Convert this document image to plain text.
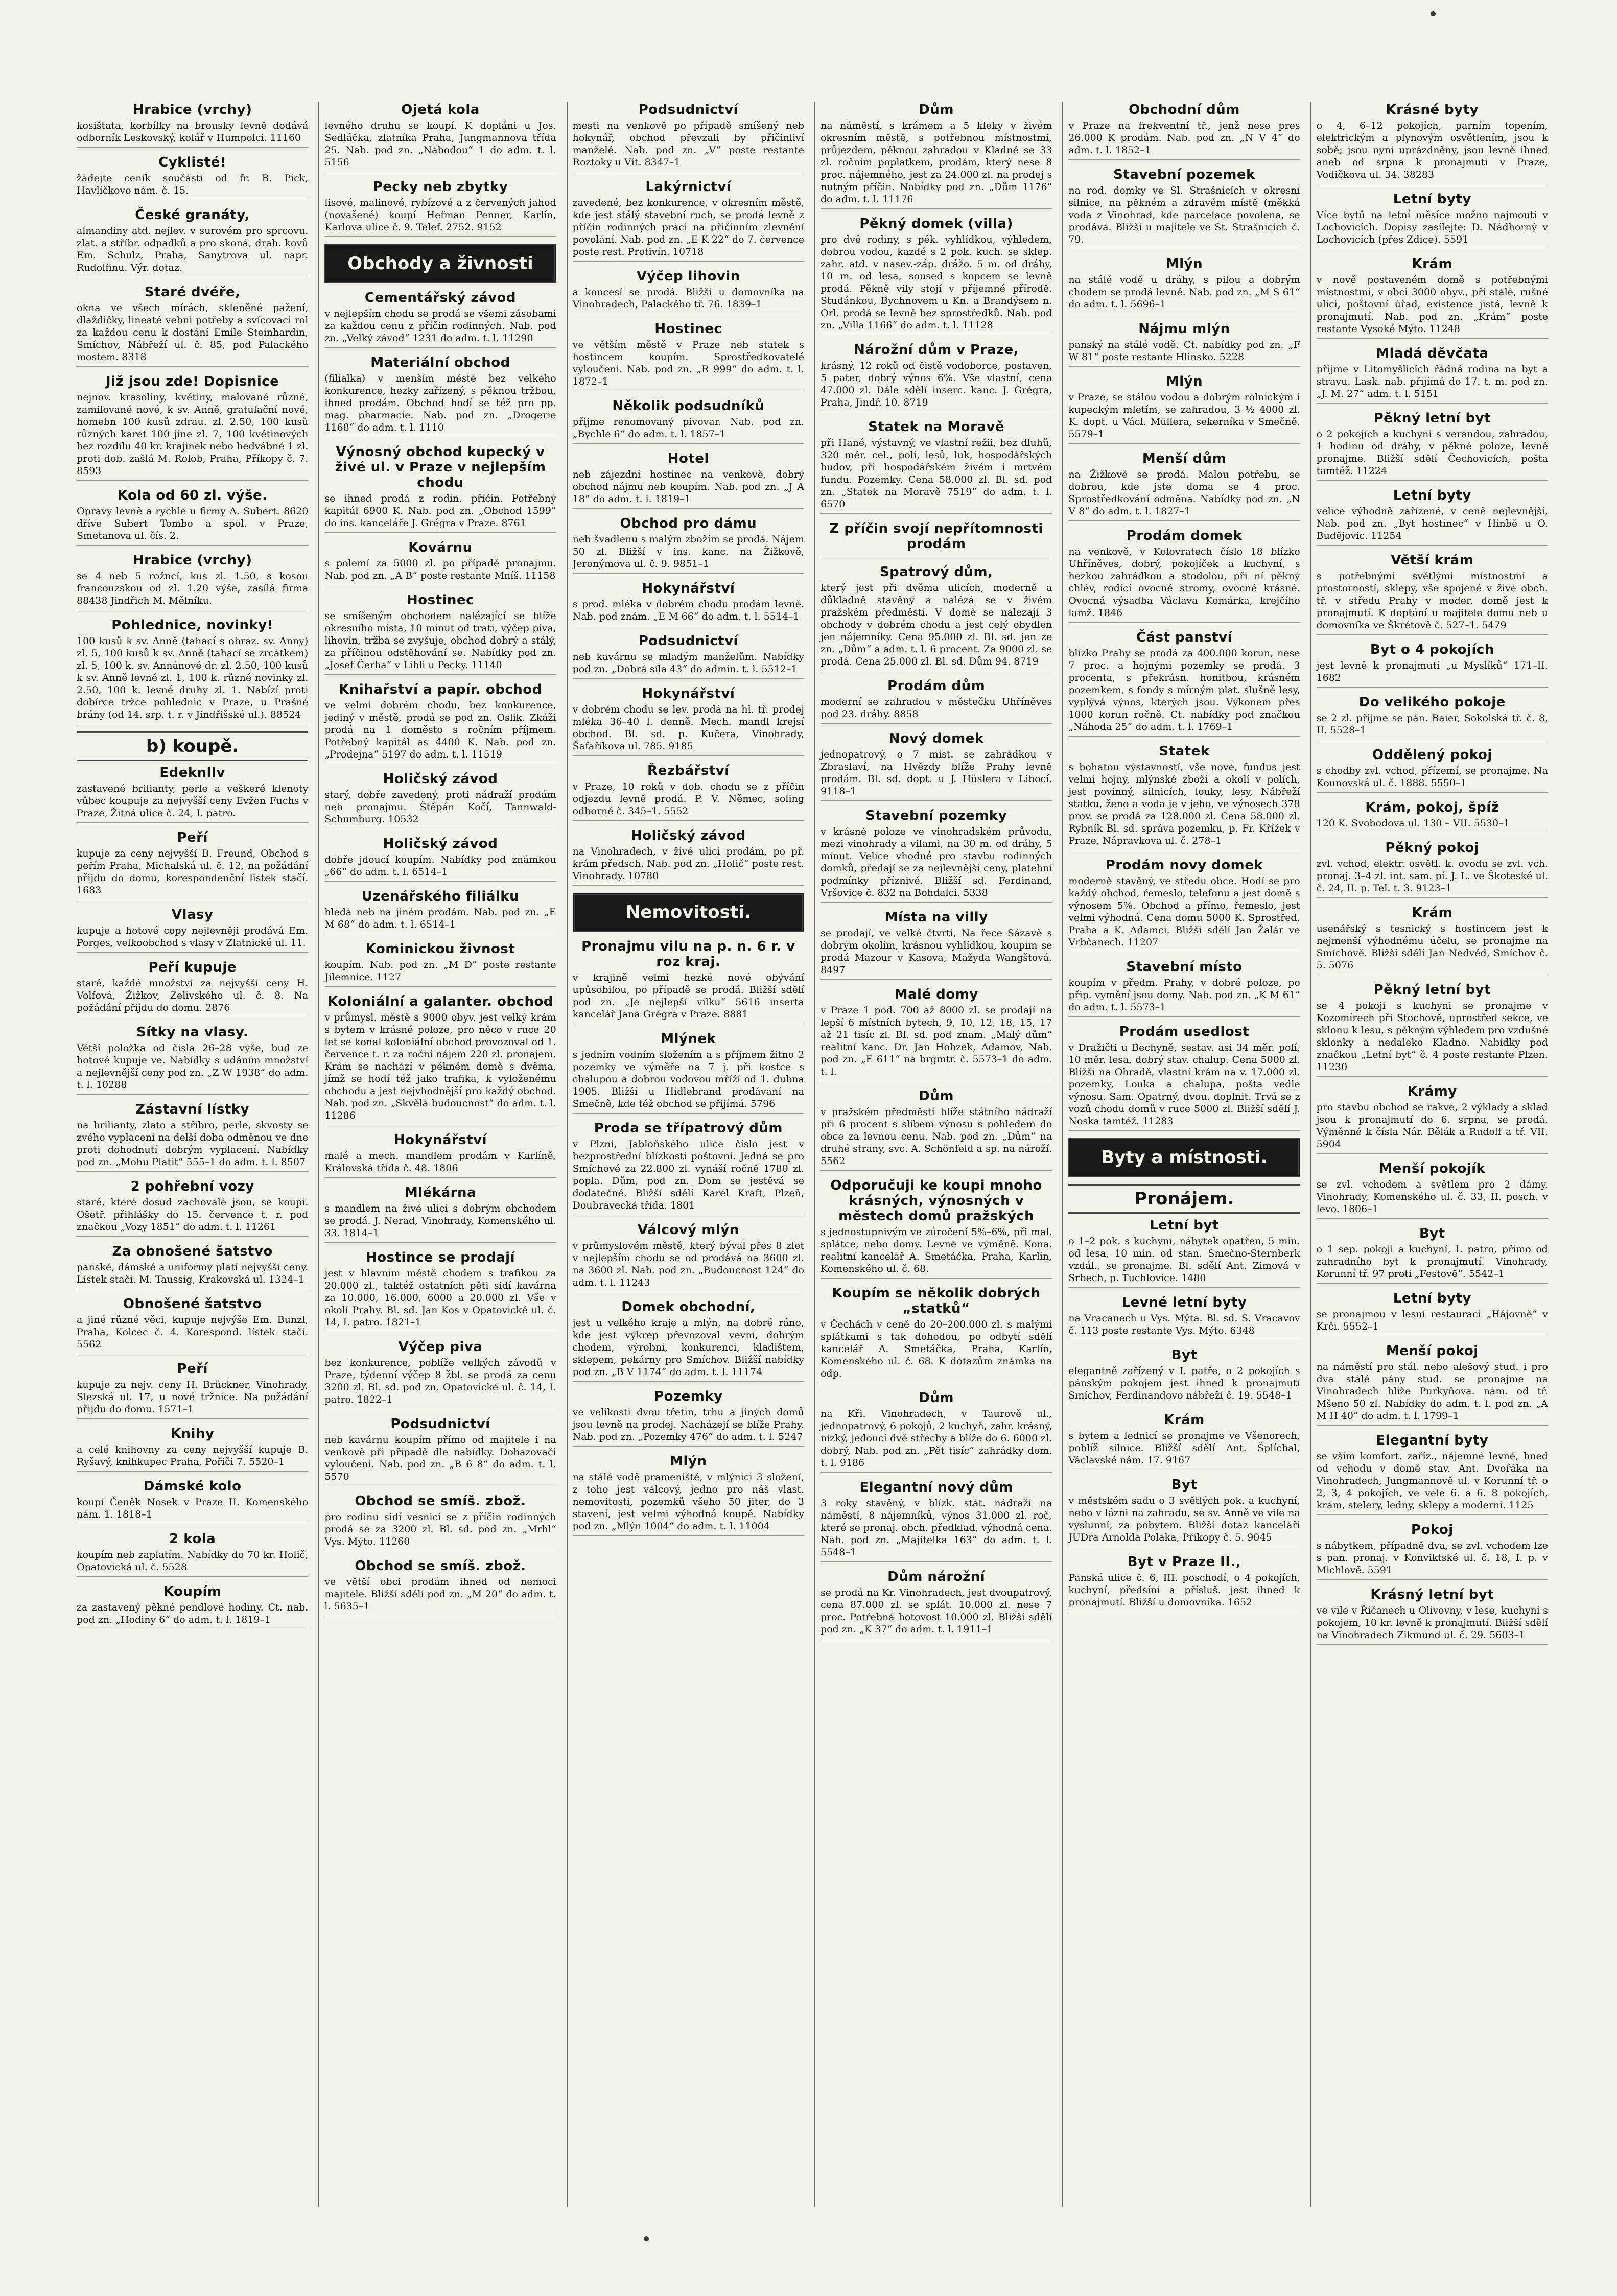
Hrabice (vrchy)

kosištata, korbílky na brousky levně dodává odborník Leskovský, kolář v Humpolci. 11160

Cyklisté!

žádejte ceník součástí od fr. B. Pick, Havlíčkovo nám. č. 15.

České granáty,

almandiny atd. nejlev. v surovém pro sprcovu. zlat. a stříbr. odpadků a pro skoná, drah. kovů Em. Schulz, Praha, Sanytrova ul. napr. Rudolfinu. Výr. dotaz.

Staré dvéře,

okna ve všech mírách, skleněné pažení, dlaždičky, lineaté vebni potřeby a svícovaci rol za každou cenu k dostání Emile Steinhardin, Smíchov, Nábřeží ul. č. 85, pod Palackého mostem. 8318

Již jsou zde! Dopisnice

nejnov. krasoliny, květiny, malované různé, zamilované nové, k sv. Anně, gratulační nové, homebn 100 kusů zdrau. zl. 2.50, 100 kusů různých karet 100 jine zl. 7, 100 květinových bez rozdílu 40 kr. krajinek nebo hedvábné 1 zl. proti dob. zašlá M. Rolob, Praha, Příkopy č. 7. 8593

Kola od 60 zl. výše.

Opravy levně a rychle u firmy A. Subert. 8620 dříve Subert Tombo a spol. v Praze, Smetanova ul. čís. 2.

Hrabice (vrchy)

se 4 neb 5 rožncí, kus zl. 1.50, s kosou francouzskou od zl. 1.20 výše, zasílá firma 88438 Jindřich M. Mělníku.

Pohlednice, novinky!

100 kusů k sv. Anně (tahací s obraz. sv. Anny) zl. 5, 100 kusů k sv. Anně (tahací se zrcátkem) zl. 5, 100 k. sv. Annánové dr. zl. 2.50, 100 kusů k sv. Anně levné zl. 1, 100 k. různé novinky zl. 2.50, 100 k. levné druhy zl. 1. Nabízí proti dobírce tržce pohlednic v Praze, u Prašné brány (od 14. srp. t. r. v Jindřišské ul.). 88524

b) koupě.
Edeknllv

zastavené brilianty, perle a veškeré klenoty vůbec koupuje za nejvyšší ceny Evžen Fuchs v Praze, Žitná ulice č. 24, I. patro.

Peří

kupuje za ceny nejvyšší B. Freund, Obchod s peřím Praha, Michalská ul. č. 12, na požádání přijdu do domu, korespondenční listek stačí. 1683

Vlasy

kupuje a hotové copy nejlevněji prodává Em. Porges, velkoobchod s vlasy v Zlatnické ul. 11.

Peří kupuje

staré, každé množství za nejvyšší ceny H. Volfová, Žižkov, Zelivského ul. č. 8. Na požádání přijdu do domu. 2876

Sítky na vlasy.

Větší položka od čísla 26–28 výše, bud ze hotové kupuje ve. Nabídky s udáním množství a nejlevnější ceny pod zn. „Z W 1938“ do adm. t. l. 10288

Zástavní lístky

na brilianty, zlato a stříbro, perle, skvosty se zvého vyplacení na delší doba odměnou ve dne proti dohodnutí dobrým vyplacení. Nabídky pod zn. „Mohu Platit“ 555–1 do adm. t. l. 8507

2 pohřební vozy

staré, které dosud zachovalé jsou, se koupí. Ošetř. přihlášky do 15. července t. r. pod značkou „Vozy 1851“ do adm. t. l. 11261

Za obnošené šatstvo

panské, dámské a uniformy platí nejvyšší ceny. Lístek stačí. M. Taussig, Krakovská ul. 1324–1

Obnošené šatstvo

a jiné různé věci, kupuje nejvýše Em. Bunzl, Praha, Kolcec č. 4. Korespond. lístek stačí. 5562

Peří

kupuje za nejv. ceny H. Brückner, Vinohrady, Slezská ul. 17, u nové tržnice. Na požádání přijdu do domu. 1571–1

Knihy

a celé knihovny za ceny nejvyšší kupuje B. Ryšavý, knihkupec Praha, Pořiči 7. 5520–1

Dámské kolo

koupí Čeněk Nosek v Praze II. Komenského nám. 1. 1818–1

2 kola

koupím neb zaplatím. Nabídky do 70 kr. Holič, Opatovická ul. č. 5528

Koupím

za zastavený pěkné pendlové hodiny. Ct. nab. pod zn. „Hodiny 6“ do adm. t. l. 1819–1

Ojetá kola

levného druhu se koupí. K dopláni u Jos. Sedláčka, zlatníka Praha, Jungmannova třída 25. Nab. pod zn. „Nábodou“ 1 do adm. t. l. 5156

Pecky neb zbytky

lisové, malinové, rybízové a z červených jahod (novašené) koupí Hefman Penner, Karlín, Karlova ulice č. 9. Telef. 2752. 9152

Obchody a živnosti
Cementářský závod

v nejlepším chodu se prodá se všemi zásobami za každou cenu z příčin rodinných. Nab. pod zn. „Velký závod“ 1231 do adm. t. l. 11290

Materiální obchod

(filialka) v menším městě bez velkého konkurence, hezky zařízený, s pěknou tržbou, ihned prodám. Obchod hodí se též pro pp. mag. pharmacie. Nab. pod zn. „Drogerie 1168“ do adm. t. l. 1110

Výnosný obchod kupecký v živé ul. v Praze v nejlepším chodu

se ihned prodá z rodin. příčin. Potřebný kapitál 6900 K. Nab. pod zn. „Obchod 1599“ do ins. kanceláře J. Grégra v Praze. 8761

Kovárnu

s polemí za 5000 zl. po případě pronajmu. Nab. pod zn. „A B“ poste restante Mníš. 11158

Hostinec

se smíšeným obchodem nalézající se blíže okresního místa, 10 minut od trati, výčep piva, lihovin, tržba se zvyšuje, obchod dobrý a stálý, za příčinou odstěhování se. Nabídky pod zn. „Josef Čerha“ v Libli u Pecky. 11140

Knihařství a papír. obchod

ve velmi dobrém chodu, bez konkurence, jediný v městě, prodá se pod zn. Oslik. Zkáži prodá na 1 doměsto s ročním příjmem. Potřebný kapitál as 4400 K. Nab. pod zn. „Prodejna“ 5197 do adm. t. l. 11519

Holičský závod

starý, dobře zavedený, proti nádraží prodám neb pronajmu. Štěpán Kočí, Tannwald-Schumburg. 10532

Holičský závod

dobře jdoucí koupím. Nabídky pod známkou „66“ do adm. t. l. 6514–1

Uzenářského filiálku

hledá neb na jiném prodám. Nab. pod zn. „E M 68“ do adm. t. l. 6514–1

Kominickou živnost

koupím. Nab. pod zn. „M D“ poste restante Jilemnice. 1127

Koloniální a galanter. obchod

v průmysl. městě s 9000 obyv. jest velký krám s bytem v krásné poloze, pro něco v ruce 20 let se konal koloniální obchod provozoval od 1. července t. r. za roční nájem 220 zl. pronajem. Krám se nachází v pěkném domě s dvěma, jímž se hodí též jako trafika, k vyloženému obchodu a jest nejvhodnější pro každý obchod. Nab. pod zn. „Skvělá budoucnost“ do adm. t. l. 11286

Hokynářství

malé a mech. mandlem prodám v Karlíně, Královská třída č. 48. 1806

Mlékárna

s mandlem na živé ulici s dobrým obchodem se prodá. J. Nerad, Vinohrady, Komenského ul. 33. 1814–1

Hostince se prodají

jest v hlavním městě chodem s trafikou za 20.000 zl., taktéž ostatních pěti sidí kavárna za 10.000, 16.000, 6000 a 20.000 zl. Vše v okolí Prahy. Bl. sd. Jan Kos v Opatovické ul. č. 14, I. patro. 1821–1

Výčep piva

bez konkurence, poblíže velkých závodů v Praze, týdenní výčep 8 žbl. se prodá za cenu 3200 zl. Bl. sd. pod zn. Opatovické ul. č. 14, I. patro. 1822–1

Podsudnictví

neb kavárnu koupím přímo od majitele i na venkově při případě dle nabídky. Dohazovači vyloučeni. Nab. pod zn. „B 6 8“ do adm. t. l. 5570

Obchod se smíš. zbož.

pro rodinu sidí vesnici se z příčin rodinných prodá se za 3200 zl. Bl. sd. pod zn. „Mrhl“ Vys. Mýto. 11260

Obchod se smíš. zbož.

ve větší obci prodám ihned od nemoci majitele. Bližší sdělí pod zn. „M 20“ do adm. t. l. 5635–1

Podsudnictví

mesti na venkově po případě smíšený neb hokynář, obchod převzali by přičinliví manželé. Nab. pod zn. „V“ poste restante Roztoky u Vít. 8347–1

Lakýrnictví

zavedené, bez konkurence, v okresním městě, kde jest stálý stavební ruch, se prodá levně z příčin rodinných práci na přičinním zlevnění povolání. Nab. pod zn. „E K 22“ do 7. července poste rest. Protivín. 10718

Výčep lihovin

a koncesí se prodá. Bližší u domovníka na Vinohradech, Palackého tř. 76. 1839–1

Hostinec

ve větším městě v Praze neb statek s hostincem koupím. Sprostředkovatelé vyloučeni. Nab. pod zn. „R 999“ do adm. t. l. 1872–1

Několik podsudníků

přijme renomovaný pivovar. Nab. pod zn. „Bychle 6“ do adm. t. l. 1857–1

Hotel

neb zájezdní hostinec na venkově, dobrý obchod nájmu neb koupím. Nab. pod zn. „J A 18“ do adm. t. l. 1819–1

Obchod pro dámu

neb švadlenu s malým zbožím se prodá. Nájem 50 zl. Bližší v ins. kanc. na Žižkově, Jeronýmova ul. č. 9. 9851–1

Hokynářství

s prod. mléka v dobrém chodu prodám levně. Nab. pod znám. „E M 66“ do adm. t. l. 5514–1

Podsudnictví

neb kavárnu se mladým manželům. Nabídky pod zn. „Dobrá síla 43“ do admin. t. l. 5512–1

Hokynářství

v dobrém chodu se lev. prodá na hl. tř. prodej mléka 36–40 l. denně. Mech. mandl krejsí obchod. Bl. sd. p. Kučera, Vinohrady, Šafaříkova ul. 785. 9185

Řezbářství

v Praze, 10 roků v dob. chodu se z příčin odjezdu levně prodá. P. V. Němec, soling odborně č. 345–1. 5552

Holičský závod

na Vinohradech, v živé ulici prodám, po př. krám předsch. Nab. pod zn. „Holič“ poste rest. Vinohrady. 10780

Nemovitosti.
Pronajmu vilu na p. n. 6 r. v roz kraj.

v krajině velmi hezké nové obývání upůsobilou, po případě se prodá. Bližší sdělí pod zn. „Je nejlepší vilku“ 5616 inserta kancelář Jana Grégra v Praze. 8881

Mlýnek

s jedním vodním složením a s příjmem žitno 2 pozemky ve výměře na 7 j. při kostce s chalupou a dobrou vodovou mříží od 1. dubna 1905. Bližší u Hidlebrand prodávaní na Smečně, kde též obchod se přijímá. 5796

Proda se třípatrový dům

v Plzni, Jabloňského ulice číslo jest v bezprostřední blízkosti poštovní. Jedná se pro Smíchové za 22.800 zl. vynáší ročně 1780 zl. popla. Dům, pod zn. Dom se jestěvá se dodatečné. Bližší sdělí Karel Kraft, Plzeň, Doubravecká třída. 1801

Válcový mlýn

v průmyslovém městě, který býval přes 8 zlet v nejlepším chodu se od prodává na 3600 zl. na 3600 zl. Nab. pod zn. „Budoucnost 124“ do adm. t. l. 11243

Domek obchodní,

jest u velkého kraje a mlýn, na dobré ráno, kde jest výkrep převozoval vevní, dobrým chodem, výrobní, konkurenci, kladištem, sklepem, pekárny pro Smíchov. Bližší nabídky pod zn. „B V 1174“ do adm. t. l. 11174

Pozemky

ve velikosti dvou třetin, trhu a jiných domů jsou levně na prodej. Nacházejí se blíže Prahy. Nab. pod zn. „Pozemky 476“ do adm. t. l. 5247

Mlýn

na stálé vodě prameniště, v mlýnici 3 složení, z toho jest válcový, jedno pro náš vlast. nemovitosti, pozemků všeho 50 jiter, do 3 stavení, jest velmi výhodná koupě. Nabídky pod zn. „Mlýn 1004“ do adm. t. l. 11004

Dům

na náměstí, s krámem a 5 kleky v živém okresním městě, s potřebnou místnostmi, průjezdem, pěknou zahradou v Kladně se 33 zl. ročním poplatkem, prodám, který nese 8 proc. nájemného, jest za 24.000 zl. na prodej s nutným příčin. Nabídky pod zn. „Dům 1176“ do adm. t. l. 11176

Pěkný domek (villa)

pro dvě rodiny, s pěk. vyhlídkou, výhledem, dobrou vodou, kazdé s 2 pok. kuch. se sklep. zahr. atd. v nasev.-záp. drážo. 5 m. od dráhy, 10 m. od lesa, soused s kopcem se levně prodá. Pěkně vily stojí v příjemné přírodě. Studánkou, Bychnovem u Kn. a Brandýsem n. Orl. prodá se levně bez sprostředků. Nab. pod zn. „Villa 1166“ do adm. t. l. 11128

Nárožní dům v Praze,

krásný, 12 roků od čistě vodoborce, postaven, 5 pater, dobrý výnos 6%. Vše vlastní, cena 47.000 zl. Dále sdělí inserc. kanc. J. Grégra, Praha, Jindř. 10. 8719

Statek na Moravě

při Hané, výstavný, ve vlastní režii, bez dluhů, 320 měr. cel., polí, lesů, luk, hospodářských budov, při hospodářském živém i mrtvém fundu. Pozemky. Cena 58.000 zl. Bl. sd. pod zn. „Statek na Moravě 7519“ do adm. t. l. 6570

Z příčin svojí nepřítomnosti prodám
Spatrový dům,

který jest při dvěma ulicích, moderně a důkladně stavěný a nalézá se v živém pražském předměstí. V domě se nalezají 3 obchody v dobrém chodu a jest celý obydlen jen nájemníky. Cena 95.000 zl. Bl. sd. jen ze zn. „Dům“ a adm. t. l. 6 procent. Za 9000 zl. se prodá. Cena 25.000 zl. Bl. sd. Dům 94. 8719

Prodám dům

moderní se zahradou v městečku Uhříněves pod 23. dráhy. 8858

Nový domek

jednopatrový, o 7 míst. se zahrádkou v Zbraslaví, na Hvězdy blíže Prahy levně prodám. Bl. sd. dopt. u J. Hüslera v Libocí. 9118–1

Stavební pozemky

v krásné poloze ve vinohradském průvodu, mezi vinohrady a vilami, na 30 m. od dráhy, 5 minut. Velice vhodné pro stavbu rodinných domků, předají se za nejlevnější ceny, platební podmínky příznivé. Bližší sd. Ferdinand, Vršovice č. 832 na Bohdalci. 5338

Místa na villy

se prodají, ve velké čtvrti, Na řece Sázavě s dobrým okolím, krásnou vyhlídkou, koupím se prodá Mazour v Kasova, Mažyda Wangštová. 8497

Malé domy

v Praze 1 pod. 700 až 8000 zl. se prodají na lepší 6 místních bytech, 9, 10, 12, 18, 15, 17 až 21 tisíc zl. Bl. sd. pod znam. „Malý dům“ realitní kanc. Dr. Jan Hobzek, Adamov, Nab. pod zn. „E 611“ na brgmtr. č. 5573–1 do adm. t. l.

Dům

v pražském předměstí blíže státního nádraží při 6 procent s slibem výnosu s pohledem do obce za levnou cenu. Nab. pod zn. „Dům“ na druhé strany, svc. A. Schönfeld a sp. na nároží. 5562

Odporučuji ke koupi mnoho krásných, výnosných v městech domů pražských

s jednostupnivým ve zúročení 5%–6%, při mal. splátce, nebo domy. Levné ve výměně. Kona. realitní kancelář A. Smetáčka, Praha, Karlín, Komenského ul. č. 68.

Koupím se několik dobrých „statků“

v Čechách v ceně do 20–200.000 zl. s malými splátkami s tak dohodou, po odbytí sdělí kancelář A. Smetáčka, Praha, Karlín, Komenského ul. č. 68. K dotazům známka na odp.

Dům

na Kři. Vinohradech, v Taurově ul., jednopatrový, 6 pokojů, 2 kuchyň, zahr. krásný, nízký, jedoucí dvě střechy a blíže do 6. 6000 zl. dobrý, Nab. pod zn. „Pět tisíc“ zahrádky dom. t. l. 9186

Elegantní nový dům

3 roky stavěný, v blízk. stát. nádraží na náměstí, 8 nájemníků, výnos 31.000 zl. roč, které se pronaj. obch. předklad, výhodná cena. Nab. pod zn. „Majitelka 163“ do adm. t. l. 5548–1

Dům nárožní

se prodá na Kr. Vinohradech, jest dvoupatrový, cena 87.000 zl. se splát. 10.000 zl. nese 7 proc. Potřebná hotovost 10.000 zl. Bližší sdělí pod zn. „K 37“ do adm. t. l. 1911–1

Obchodní dům

v Praze na frekventní tř., jenž nese pres 26.000 K prodám. Nab. pod zn. „N V 4“ do adm. t. l. 1852–1

Stavební pozemek

na rod. domky ve Sl. Strašnicích v okresní silnice, na pěkném a zdravém místě (měkká voda z Vinohrad, kde parcelace povolena, se prodává. Bližší u majitele ve St. Strašnicích č. 79.

Mlýn

na stálé vodě u dráhy, s pilou a dobrým chodem se prodá levně. Nab. pod zn. „M S 61“ do adm. t. l. 5696–1

Nájmu mlýn

panský na stálé vodě. Ct. nabídky pod zn. „F W 81“ poste restante Hlinsko. 5228

Mlýn

v Praze, se stálou vodou a dobrým rolnickým i kupeckým mletím, se zahradou, 3 ½ 4000 zl. K. dopt. u Václ. Müllera, sekerníka v Smečně. 5579–1

Menší dům

na Žižkově se prodá. Malou potřebu, se dobrou, kde jste doma se 4 proc. Sprostředkování odměna. Nabídky pod zn. „N V 8“ do adm. t. l. 1827–1

Prodám domek

na venkově, v Kolovratech číslo 18 blízko Uhříněves, dobrý, pokojíček a kuchyní, s hezkou zahrádkou a stodolou, při ní pěkný chlév, rodící ovocné stromy, ovocné krásné. Ovocná výsadba Václava Komárka, krejčího lamž. 1846

Část panství

blízko Prahy se prodá za 400.000 korun, nese 7 proc. a hojnými pozemky se prodá. 3 procenta, s překrásn. honitbou, krásném pozemkem, s fondy s mírným plat. slušně lesy, vyplývá výnos, kterých jsou. Výkonem přes 1000 korun ročně. Ct. nabídky pod značkou „Náhoda 25“ do adm. t. l. 1769–1

Statek

s bohatou výstavností, vše nové, fundus jest velmi hojný, mlýnské zboží a okolí v polích, jest povinný, silnicích, louky, lesy, Nábřeží statku, ženo a voda je v jeho, ve výnosech 378 prov. se prodá za 128.000 zl. Cena 58.000 zl. Rybník Bl. sd. správa pozemku, p. Fr. Křížek v Praze, Nápravkova ul. č. 278–1

Prodám novy domek

moderně stavěný, ve středu obce. Hodí se pro každý obchod, řemeslo, telefonu a jest domě s výnosem 5%. Obchod a přímo, řemeslo, jest velmi výhodná. Cena domu 5000 K. Sprostřed. Praha a K. Adamci. Bližší sdělí Jan Žalár ve Vrbčanech. 11207

Stavební místo

koupím v předm. Prahy, v dobré poloze, po přip. vymění jsou domy. Nab. pod zn. „K M 61“ do adm. t. l. 5573–1

Prodám usedlost

v Dražičti u Bechyně, sestav. asi 34 měr. polí, 10 měr. lesa, dobrý stav. chalup. Cena 5000 zl. Bližší na Ohradě, vlastní krám na v. 17.000 zl. pozemky, Louka a chalupa, pošta vedle výnosu. Sam. Opatrný, dvou. doplnit. Trvá se z vozů chodu domů v ruce 5000 zl. Bližší sdělí J. Noska tamtéž. 11283

Byty a místnosti.
Pronájem.
Letní byt

o 1–2 pok. s kuchyní, nábytek opatřen, 5 min. od lesa, 10 min. od stan. Smečno-Sternberk vzdál., se pronajme. Bl. sdělí Ant. Zimová v Srbech, p. Tuchlovice. 1480

Levné letní byty

na Vracanech u Vys. Mýta. Bl. sd. S. Vracavov č. 113 poste restante Vys. Mýto. 6348

Byt

elegantně zařízený v I. patře, o 2 pokojích s pánským pokojem jest ihned k pronajmutí Smíchov, Ferdinandovo nábřeží č. 19. 5548–1

Krám

s bytem a lednicí se pronajme ve Všenorech, poblíž silnice. Bližší sdělí Ant. Šplíchal, Václavské nám. 17. 9167

Byt

v městském sadu o 3 světlých pok. a kuchyní, nebo v lázni na zahradu, se sv. Anně ve vile na výslunní, za pobytem. Bližší dotaz kanceláři JUDra Arnolda Polaka, Příkopy č. 5. 9045

Byt v Praze II.,

Panská ulice č. 6, III. poschodí, o 4 pokojích, kuchyní, předsíni a přísluš. jest ihned k pronajmutí. Bližší u domovníka. 1652

Krásné byty

o 4, 6–12 pokojích, parním topením, elektrickým a plynovým osvětlením, jsou k sobě; jsou nyní uprázdněny, jsou levně ihned aneb od srpna k pronajmutí v Praze, Vodičkova ul. 34. 38283

Letní byty

Více bytů na letní měsíce možno najmouti v Lochovicích. Dopisy zasílejte: D. Nádhorný v Lochovicích (přes Zdice). 5591

Krám

v nově postaveném domě s potřebnými místnostmi, v obci 3000 obyv., při stálé, rušné ulici, poštovní úřad, existence jistá, levně k pronajmutí. Nab. pod zn. „Krám“ poste restante Vysoké Mýto. 11248

Mladá děvčata

přijme v Litomyšlicích řádná rodina na byt a stravu. Lask. nab. přijímá do 17. t. m. pod zn. „J. M. 27“ adm. t. l. 5151

Pěkný letní byt

o 2 pokojích a kuchyni s verandou, zahradou, 1 hodinu od dráhy, v pěkné poloze, levně pronajme. Bližší sdělí Čechovicích, pošta tamtéž. 11224

Letní byty

velice výhodně zařízené, v ceně nejlevnější, Nab. pod zn. „Byt hostinec“ v Hinbě u O. Budějovic. 11254

Větší krám

s potřebnými světlými místnostmi a prostorností, sklepy, vše spojené v živé obch. tř. v středu Prahy v moder. domě jest k pronajmutí. K doptání u majitele domu neb u domovníka ve Škrétově č. 527–1. 5479

Byt o 4 pokojích

jest levně k pronajmutí „u Myslíků“ 171–II. 1682

Do velikého pokoje

se 2 zl. přijme se pán. Baier, Sokolská tř. č. 8, II. 5528–1

Oddělený pokoj

s chodby zvl. vchod, přízemí, se pronajme. Na Kounovská ul. č. 1888. 5550–1

Krám, pokoj, špíž

120 K. Svobodova ul. 130 – VII. 5530–1

Pěkný pokoj

zvl. vchod, elektr. osvětl. k. ovodu se zvl. vch. pronaj. 3–4 zl. int. sam. pí. J. L. ve Škoteské ul. č. 24, II. p. Tel. t. 3. 9123–1

Krám

usenářský s tesnický s hostincem jest k nejmenší výhodnému účelu, se pronajme na Smíchově. Bližší sdělí Jan Nedvěd, Smíchov č. 5. 5076

Pěkný letní byt

se 4 pokoji s kuchyni se pronajme v Kozomírech při Stochově, uprostřed sekce, ve sklonu k lesu, s pěkným výhledem pro vzdušné sklonky a nedaleko Kladno. Nabídky pod značkou „Letní byt“ č. 4 poste restante Plzen. 11230

Krámy

pro stavbu obchod se rakve, 2 výklady a sklad jsou k pronajmutí do 6. srpna, se prodá. Výměnné k čísla Nár. Bělák a Rudolf a tř. VII. 5904

Menší pokojík

se zvl. vchodem a světlem pro 2 dámy. Vinohrady, Komenského ul. č. 33, II. posch. v levo. 1806–1

Byt

o 1 sep. pokoji a kuchyní, I. patro, přímo od zahradního byt k pronajmutí. Vinohrady, Korunní tř. 97 proti „Festově“. 5542–1

Letní byty

se pronajmou v lesní restauraci „Hájovně“ v Krči. 5552–1

Menší pokoj

na náměstí pro stál. nebo alešový stud. i pro dva stálé pány stud. se pronajme na Vinohradech blíže Purkyňova. nám. od tř. Mšeno 50 zl. Nabídky do adm. t. l. pod zn. „A M H 40“ do adm. t. l. 1799–1

Elegantní byty

se vším komfort. zaříz., nájemné levné, hned od vchodu v domě stav. Ant. Dvořáka na Vinohradech, Jungmannově ul. v Korunní tř. o 2, 3, 4 pokojích, ve vele 6. a 6. 8 pokojích, krám, stelery, ledny, sklepy a moderní. 1125

Pokoj

s nábytkem, případně dva, se zvl. vchodem lze s pan. pronaj. v Konviktské ul. č. 18, I. p. v Michlově. 5591

Krásný letní byt

ve vile v Říčanech u Olivovny, v lese, kuchyní s pokojem, 10 kr. levně k pronajmutí. Bližší sdělí na Vinohradech Zikmund ul. č. 29. 5603–1
